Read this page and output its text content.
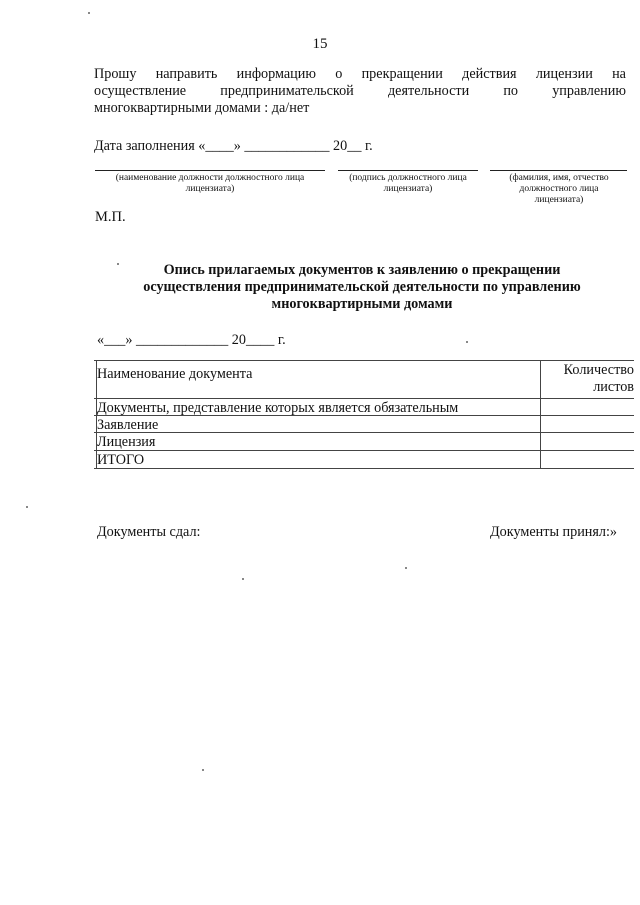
15
Прошу направить информацию о прекращении действия лицензии на
осуществление предпринимательской деятельности по управлению
многоквартирными домами : да/нет
Дата заполнения «____» ____________ 20__ г.
(наименование должности должностного лица лицензиата)
(подпись должностного лица лицензиата)
(фамилия, имя, отчество должностного лица лицензиата)
М.П.
Опись прилагаемых документов к заявлению о прекращении
осуществления предпринимательской деятельности по управлению
многоквартирными домами
«___» _____________ 20____ г.
Наименование документа	Количество листов
Документы, представление которых является обязательным
Заявление
Лицензия
ИТОГО
Документы сдал:	Документы принял:»
